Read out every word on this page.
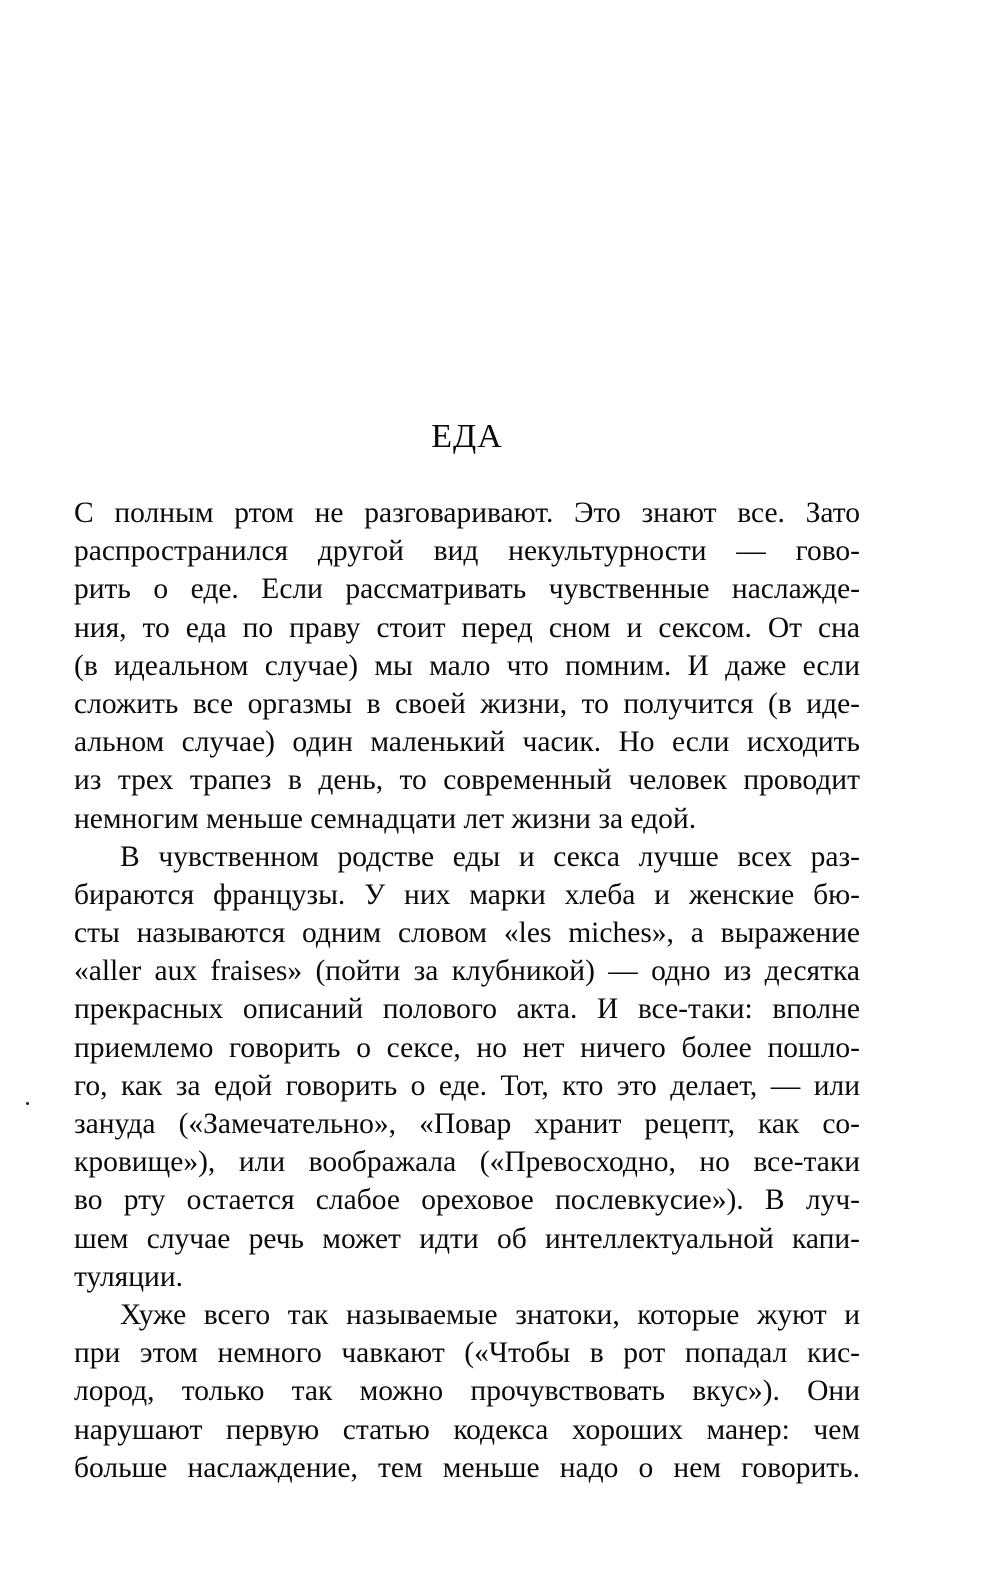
ЕДА
С полным ртом не разговаривают. Это знают все. Зато
распространился другой вид некультурности — гово-
рить о еде. Если рассматривать чувственные наслажде-
ния, то еда по праву стоит перед сном и сексом. От сна
(в идеальном случае) мы мало что помним. И даже если
сложить все оргазмы в своей жизни, то получится (в иде-
альном случае) один маленький часик. Но если исходить
из трех трапез в день, то современный человек проводит
немногим меньше семнадцати лет жизни за едой.
В чувственном родстве еды и секса лучше всех раз-
бираются французы. У них марки хлеба и женские бю-
сты называются одним словом «les miches», а выражение
«aller aux fraises» (пойти за клубникой) — одно из десятка
прекрасных описаний полового акта. И все-таки: вполне
приемлемо говорить о сексе, но нет ничего более пошло-
го, как за едой говорить о еде. Тот, кто это делает, — или
зануда («Замечательно», «Повар хранит рецепт, как со-
кровище»), или воображала («Превосходно, но все-таки
во рту остается слабое ореховое послевкусие»). В луч-
шем случае речь может идти об интеллектуальной капи-
туляции.
Хуже всего так называемые знатоки, которые жуют и
при этом немного чавкают («Чтобы в рот попадал кис-
лород, только так можно прочувствовать вкус»). Они
нарушают первую статью кодекса хороших манер: чем
больше наслаждение, тем меньше надо о нем говорить.
